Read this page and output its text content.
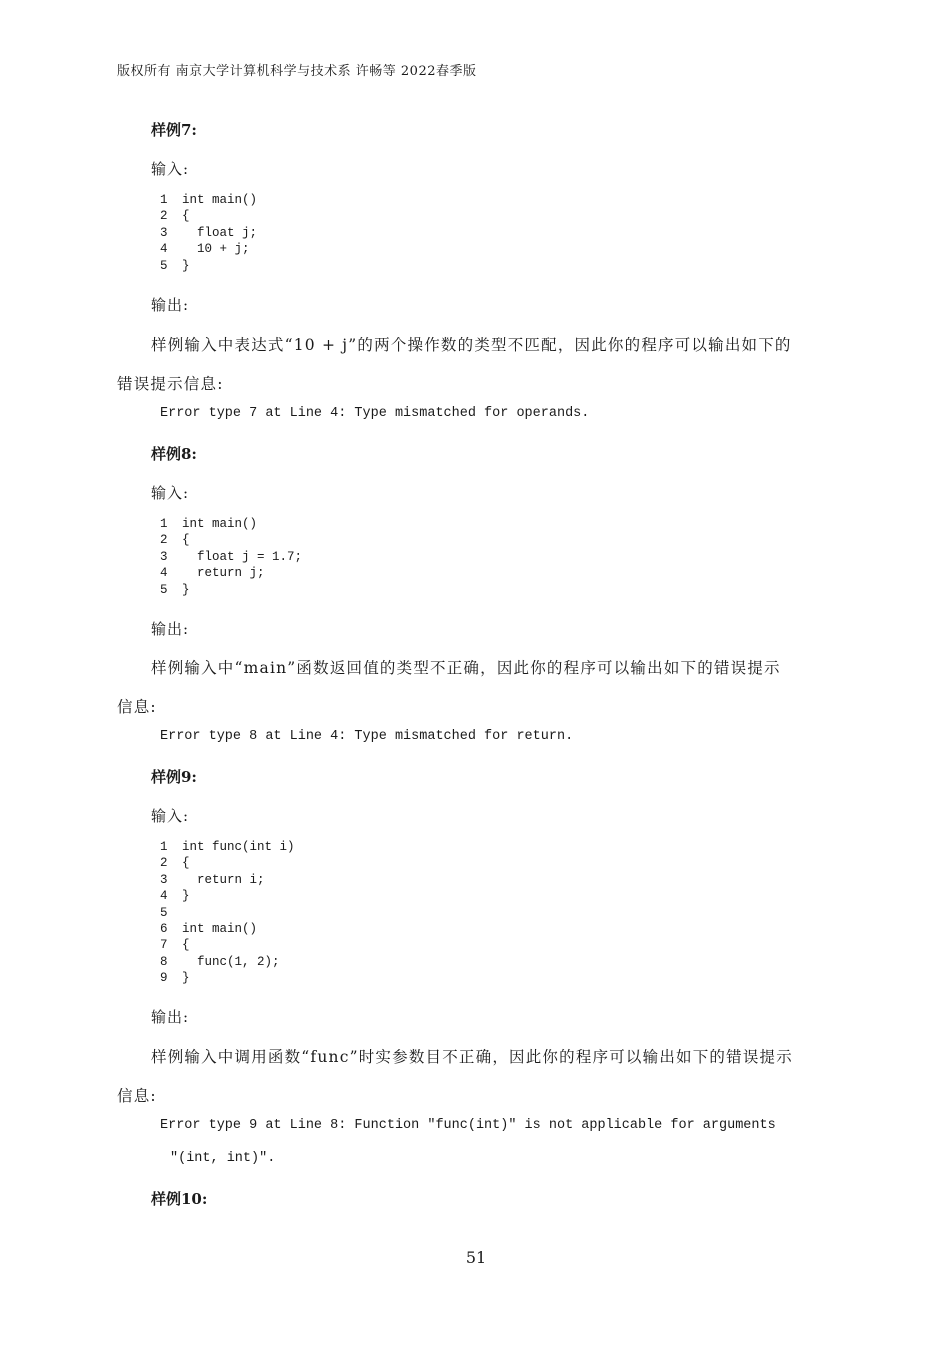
版权所有 南京大学计算机科学与技术系 许畅等 2022春季版
样例7:
输入:
1 int main()
2 {
3  float j;
4  10 + j;
5 }
输出:
样例输入中表达式“10 + j”的两个操作数的类型不匹配，因此你的程序可以输出如下的
错误提示信息:
Error type 7 at Line 4: Type mismatched for operands.
样例8:
输入:
1 int main()
2 {
3  float j = 1.7;
4  return j;
5 }
输出:
样例输入中“main”函数返回值的类型不正确，因此你的程序可以输出如下的错误提示
信息:
Error type 8 at Line 4: Type mismatched for return.
样例9:
输入:
1 int func(int i)
2 {
3  return i;
4 }
5
6 int main()
7 {
8  func(1, 2);
9 }
输出:
样例输入中调用函数“func”时实参数目不正确，因此你的程序可以输出如下的错误提示
信息:
Error type 9 at Line 8: Function "func(int)" is not applicable for arguments
"(int, int)".
样例10:
51
